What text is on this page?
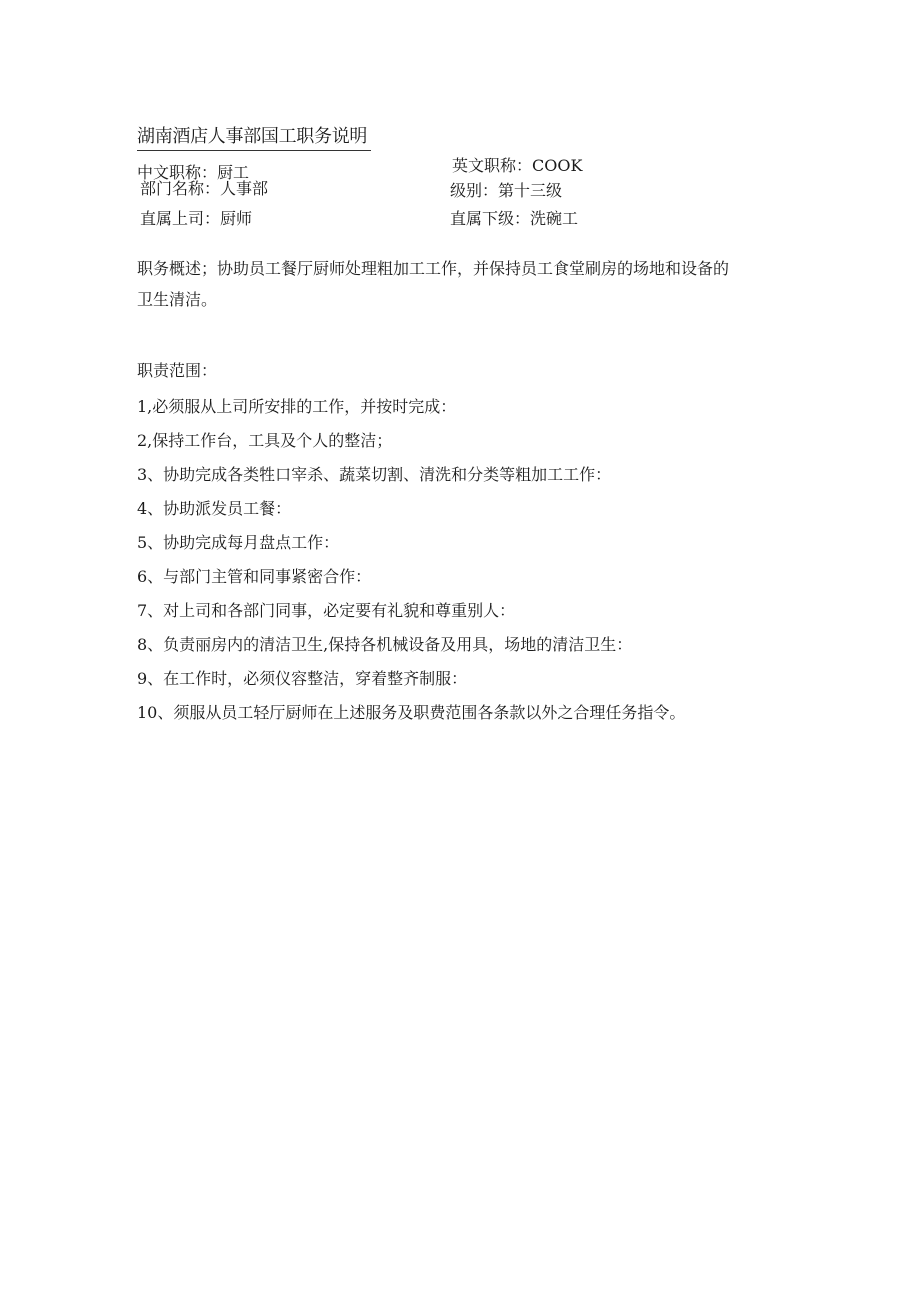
湖南酒店人事部国工职务说明
中文职称：厨工	英文职称：COOK
部门名称：人事部	级别：第十三级
直属上司：厨师	直属下级：洗碗工
职务概述；协助员工餐厅厨师处理粗加工工作，并保持员工食堂刷房的场地和设备的卫生清洁。
职责范围：
1,必须服从上司所安排的工作，并按时完成：
2,保持工作台，工具及个人的整洁；
3、协助完成各类牲口宰杀、蔬菜切割、清洗和分类等粗加工工作：
4、协助派发员工餐：
5、协助完成每月盘点工作：
6、与部门主管和同事紧密合作：
7、对上司和各部门同事，必定要有礼貌和尊重别人：
8、负责丽房内的清洁卫生,保持各机械设备及用具，场地的清洁卫生：
9、在工作时，必须仪容整洁，穿着整齐制服：
10、须服从员工轻厅厨师在上述服务及职费范围各条款以外之合理任务指令。
